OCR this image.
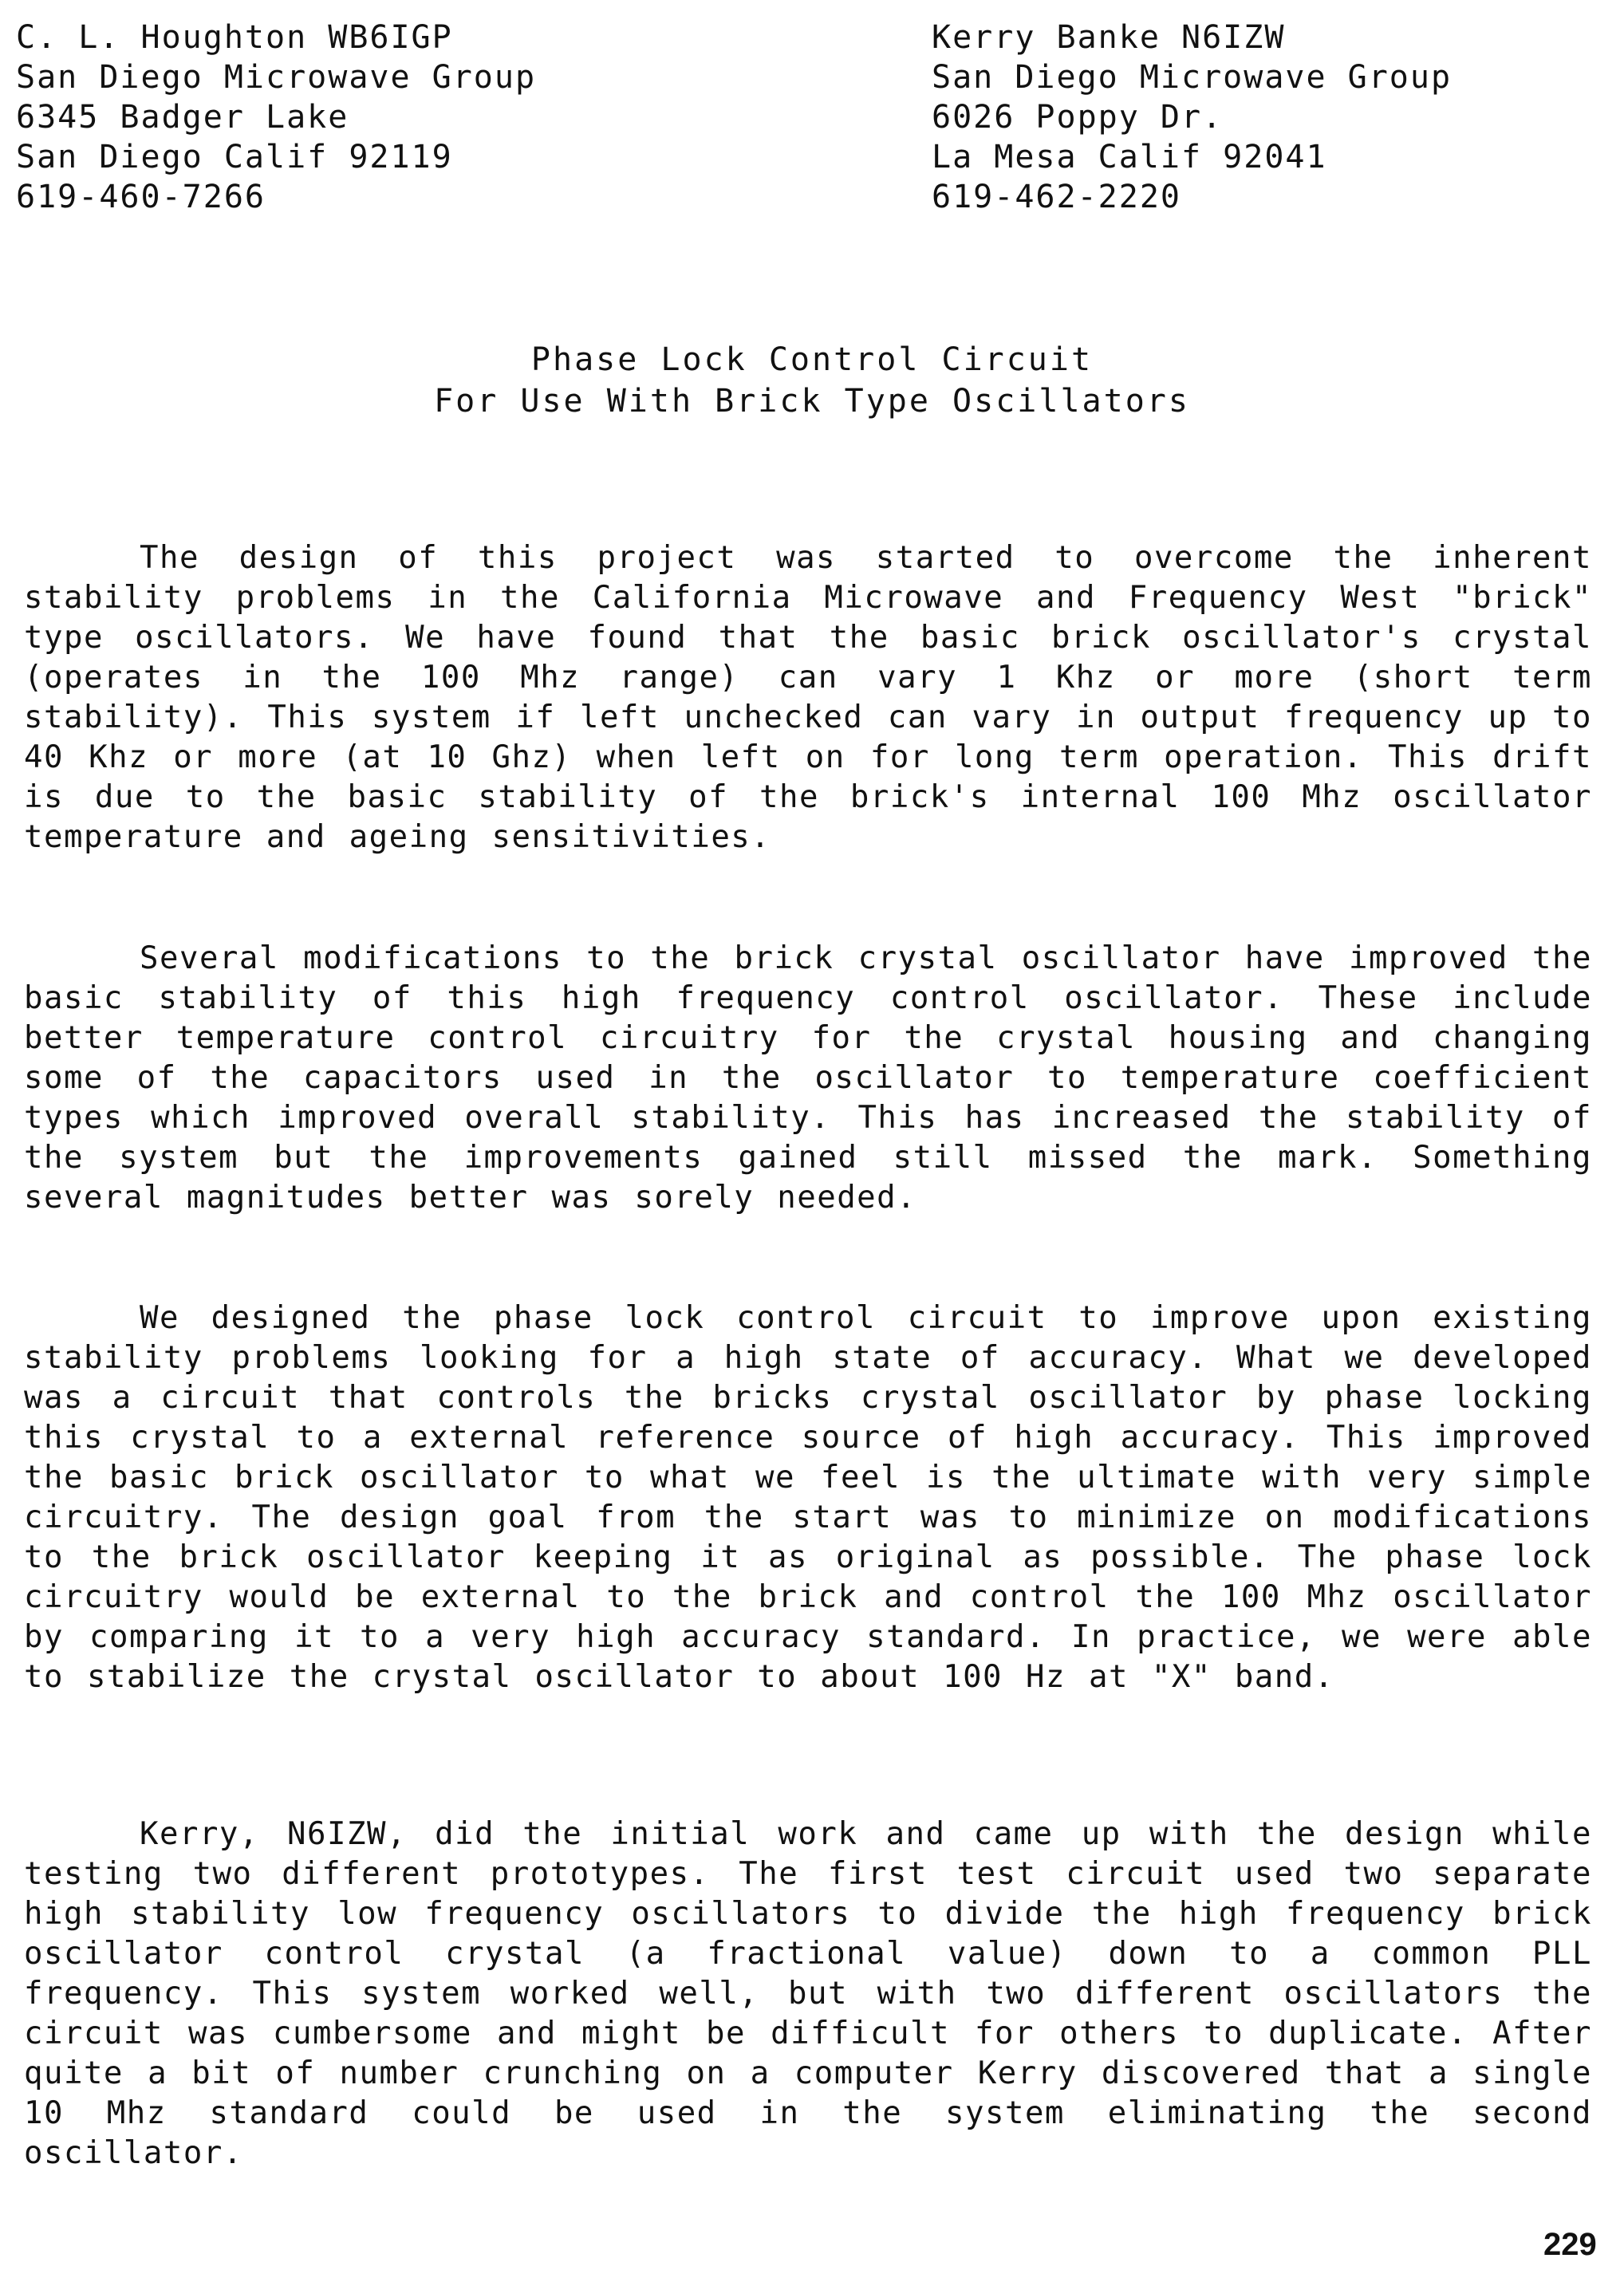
C. L. Houghton WB6IGP
San Diego Microwave Group
6345 Badger Lake
San Diego Calif 92119
619-460-7266
Kerry Banke N6IZW
San Diego Microwave Group
6026 Poppy Dr.
La Mesa Calif 92041
619-462-2220
Phase Lock Control Circuit
For Use With Brick Type Oscillators

The design of this project was started to overcome the inherent stability problems in the California Microwave and Frequency West "brick" type oscillators. We have found that the basic brick oscillator's crystal (operates in the 100 Mhz range) can vary 1 Khz or more (short term stability). This system if left unchecked can vary in output frequency up to 40 Khz or more (at 10 Ghz) when left on for long term operation. This drift is due to the basic stability of the brick's internal 100 Mhz oscillator temperature and ageing sensitivities.

Several modifications to the brick crystal oscillator have improved the basic stability of this high frequency control oscillator. These include better temperature control circuitry for the crystal housing and changing some of the capacitors used in the oscillator to temperature coefficient types which improved overall stability. This has increased the stability of the system but the improvements gained still missed the mark. Something several magnitudes better was sorely needed.

We designed the phase lock control circuit to improve upon existing stability problems looking for a high state of accuracy. What we developed was a circuit that controls the bricks crystal oscillator by phase locking this crystal to a external reference source of high accuracy. This improved the basic brick oscillator to what we feel is the ultimate with very simple circuitry. The design goal from the start was to minimize on modifications to the brick oscillator keeping it as original as possible. The phase lock circuitry would be external to the brick and control the 100 Mhz oscillator by comparing it to a very high accuracy standard. In practice, we were able to stabilize the crystal oscillator to about 100 Hz at "X" band.

Kerry, N6IZW, did the initial work and came up with the design while testing two different prototypes. The first test circuit used two separate high stability low frequency oscillators to divide the high frequency brick oscillator control crystal (a fractional value) down to a common PLL frequency. This system worked well, but with two different oscillators the circuit was cumbersome and might be difficult for others to duplicate. After quite a bit of number crunching on a computer Kerry discovered that a single 10 Mhz standard could be used in the system eliminating the second oscillator.

229
